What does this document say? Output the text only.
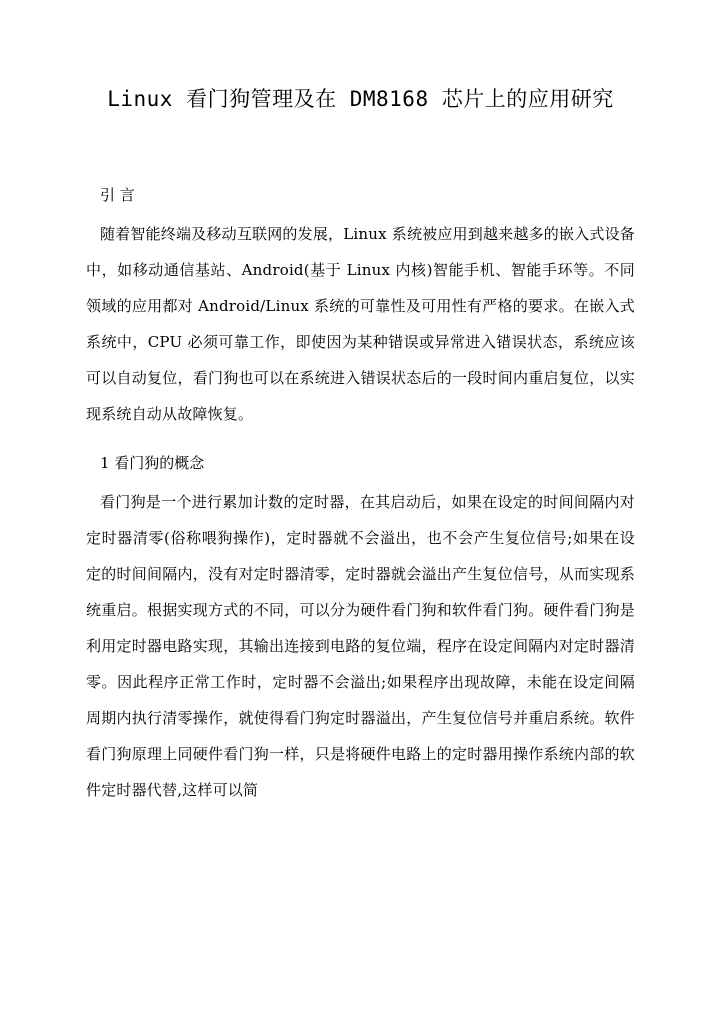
Linux 看门狗管理及在 DM8168 芯片上的应用研究
引 言

随着智能终端及移动互联网的发展，Linux 系统被应用到越来越多的嵌入式设备中，如移动通信基站、Android(基于 Linux 内核)智能手机、智能手环等。不同领域的应用都对 Android/Linux 系统的可靠性及可用性有严格的要求。在嵌入式系统中，CPU 必须可靠工作，即使因为某种错误或异常进入错误状态，系统应该可以自动复位，看门狗也可以在系统进入错误状态后的一段时间内重启复位，以实现系统自动从故障恢复。

1 看门狗的概念

看门狗是一个进行累加计数的定时器，在其启动后，如果在设定的时间间隔内对定时器清零(俗称喂狗操作)，定时器就不会溢出，也不会产生复位信号;如果在设定的时间间隔内，没有对定时器清零，定时器就会溢出产生复位信号，从而实现系统重启。根据实现方式的不同，可以分为硬件看门狗和软件看门狗。硬件看门狗是利用定时器电路实现，其输出连接到电路的复位端，程序在设定间隔内对定时器清零。因此程序正常工作时，定时器不会溢出;如果程序出现故障，未能在设定间隔周期内执行清零操作，就使得看门狗定时器溢出，产生复位信号并重启系统。软件看门狗原理上同硬件看门狗一样，只是将硬件电路上的定时器用操作系统内部的软件定时器代替,这样可以简
